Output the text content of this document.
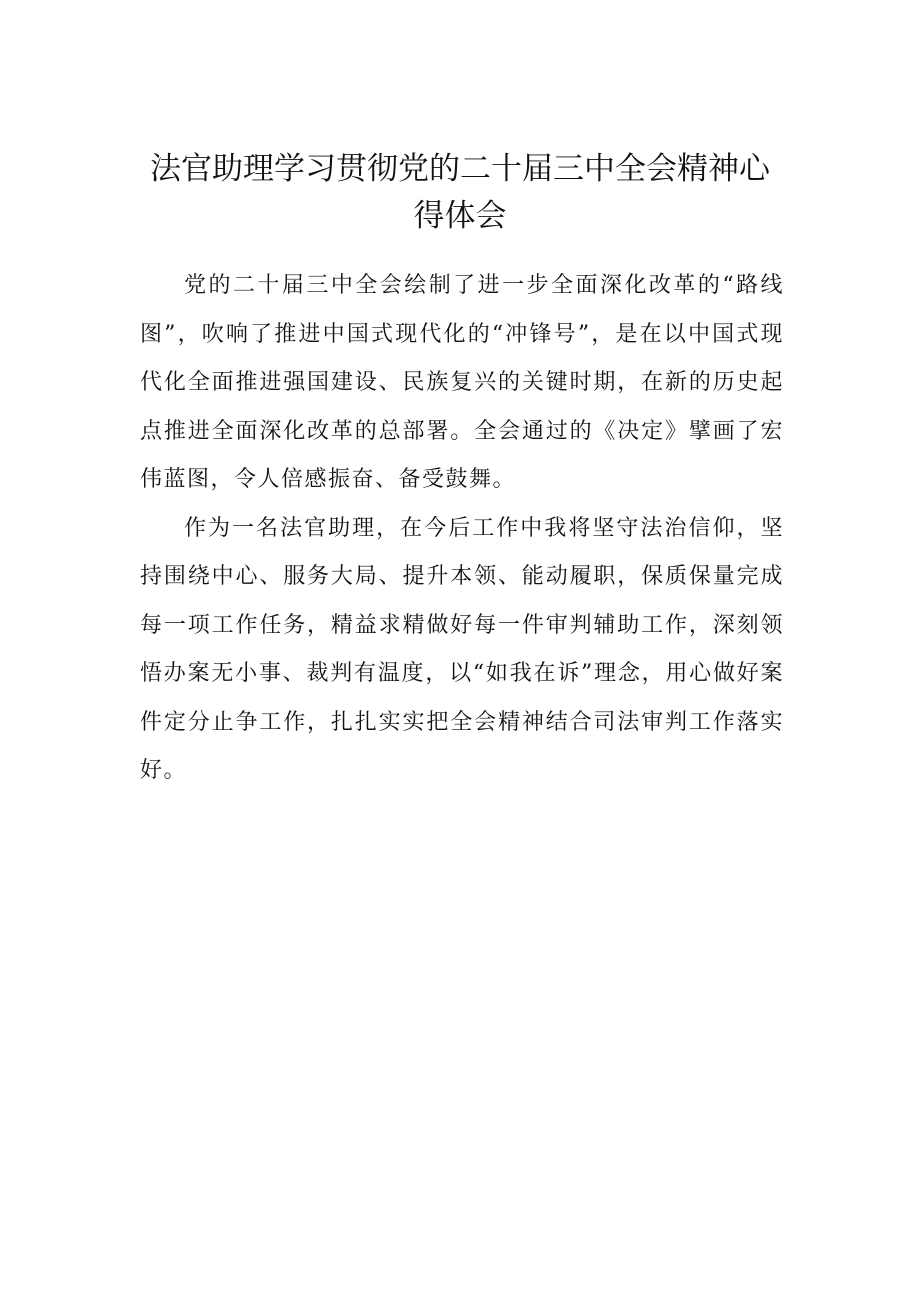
法官助理学习贯彻党的二十届三中全会精神心得体会

党的二十届三中全会绘制了进一步全面深化改革的“路线图”，吹响了推进中国式现代化的“冲锋号”，是在以中国式现代化全面推进强国建设、民族复兴的关键时期，在新的历史起点推进全面深化改革的总部署。全会通过的《决定》擘画了宏伟蓝图，令人倍感振奋、备受鼓舞。

作为一名法官助理，在今后工作中我将坚守法治信仰，坚持围绕中心、服务大局、提升本领、能动履职，保质保量完成每一项工作任务，精益求精做好每一件审判辅助工作，深刻领悟办案无小事、裁判有温度，以“如我在诉”理念，用心做好案件定分止争工作，扎扎实实把全会精神结合司法审判工作落实好。
